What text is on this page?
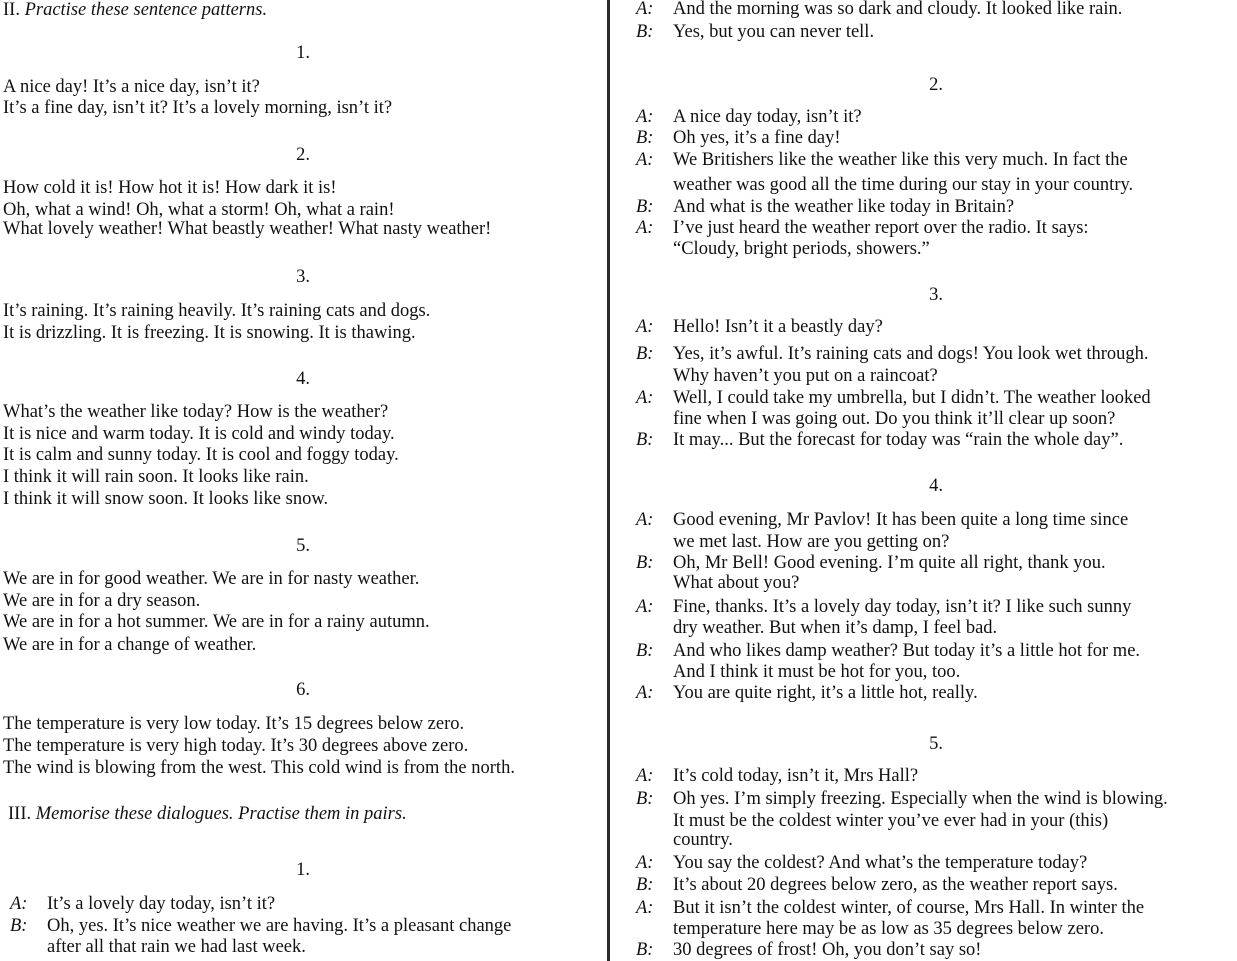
II. Practise these sentence patterns.
1.
A nice day! It’s a nice day, isn’t it?
It’s a fine day, isn’t it? It’s a lovely morning, isn’t it?
2.
How cold it is! How hot it is! How dark it is!
Oh, what a wind! Oh, what a storm! Oh, what a rain!
What lovely weather! What beastly weather! What nasty weather!
3.
It’s raining. It’s raining heavily. It’s raining cats and dogs.
It is drizzling. It is freezing. It is snowing. It is thawing.
4.
What’s the weather like today? How is the weather?
It is nice and warm today. It is cold and windy today.
It is calm and sunny today. It is cool and foggy today.
I think it will rain soon. It looks like rain.
I think it will snow soon. It looks like snow.
5.
We are in for good weather. We are in for nasty weather.
We are in for a dry season.
We are in for a hot summer. We are in for a rainy autumn.
We are in for a change of weather.
6.
The temperature is very low today. It’s 15 degrees below zero.
The temperature is very high today. It’s 30 degrees above zero.
The wind is blowing from the west. This cold wind is from the north.
III. Memorise these dialogues. Practise them in pairs.
1.
A:	It’s a lovely day today, isn’t it?
B:	Oh, yes. It’s nice weather we are having. It’s a pleasant change
after all that rain we had last week.
A:	And the morning was so dark and cloudy. It looked like rain.
B:	Yes, but you can never tell.
2.
A:	A nice day today, isn’t it?
B:	Oh yes, it’s a fine day!
A:	We Britishers like the weather like this very much. In fact the
weather was good all the time during our stay in your country.
B:	And what is the weather like today in Britain?
A:	I’ve just heard the weather report over the radio. It says:
“Cloudy, bright periods, showers.”
3.
A:	Hello! Isn’t it a beastly day?
B:	Yes, it’s awful. It’s raining cats and dogs! You look wet through.
Why haven’t you put on a raincoat?
A:	Well, I could take my umbrella, but I didn’t. The weather looked
fine when I was going out. Do you think it’ll clear up soon?
B:	It may... But the forecast for today was “rain the whole day”.
4.
A:	Good evening, Mr Pavlov! It has been quite a long time since
we met last. How are you getting on?
B:	Oh, Mr Bell! Good evening. I’m quite all right, thank you.
What about you?
A:	Fine, thanks. It’s a lovely day today, isn’t it? I like such sunny
dry weather. But when it’s damp, I feel bad.
B:	And who likes damp weather? But today it’s a little hot for me.
And I think it must be hot for you, too.
A:	You are quite right, it’s a little hot, really.
5.
A:	It’s cold today, isn’t it, Mrs Hall?
B:	Oh yes. I’m simply freezing. Especially when the wind is blowing.
It must be the coldest winter you’ve ever had in your (this)
country.
A:	You say the coldest? And what’s the temperature today?
B:	It’s about 20 degrees below zero, as the weather report says.
A:	But it isn’t the coldest winter, of course, Mrs Hall. In winter the
temperature here may be as low as 35 degrees below zero.
B:	30 degrees of frost! Oh, you don’t say so!
